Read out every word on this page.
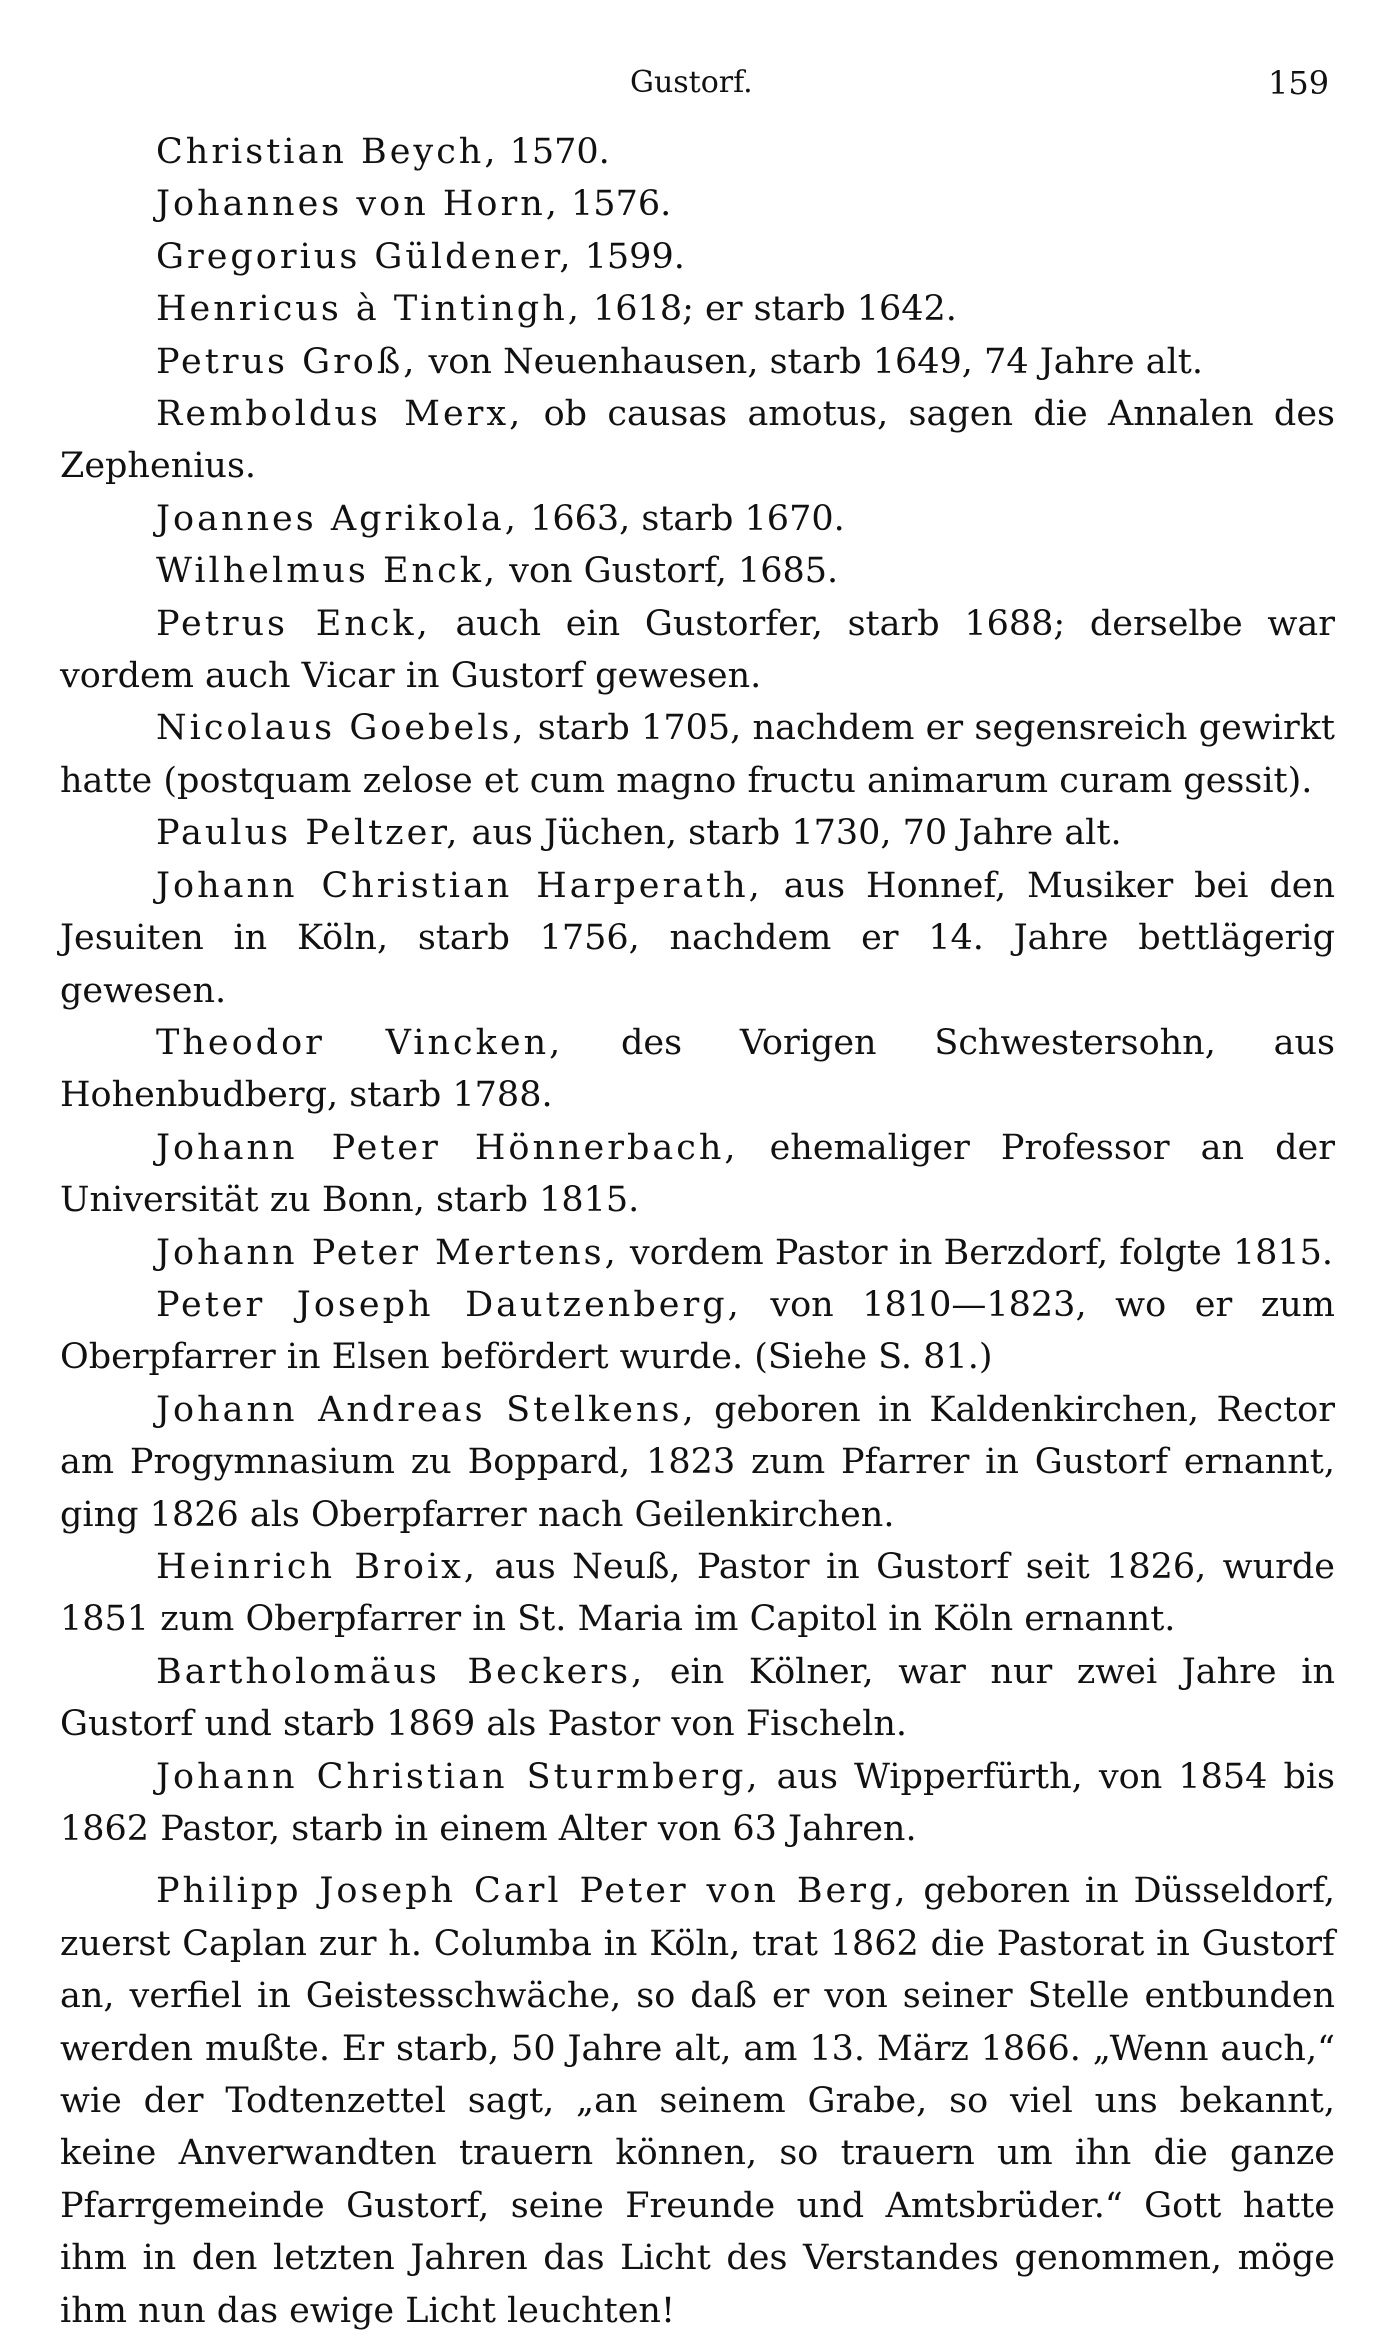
Gustorf.	159

Christian Beych, 1570.

Johannes von Horn, 1576.

Gregorius Güldener, 1599.

Henricus à Tintingh, 1618; er starb 1642.

Petrus Groß, von Neuenhausen, starb 1649, 74 Jahre alt.

Remboldus Merx, ob causas amotus, sagen die Annalen des Zephenius.

Joannes Agrikola, 1663, starb 1670.

Wilhelmus Enck, von Gustorf, 1685.

Petrus Enck, auch ein Gustorfer, starb 1688; derselbe war vordem auch Vicar in Gustorf gewesen.

Nicolaus Goebels, starb 1705, nachdem er segensreich gewirkt hatte (postquam zelose et cum magno fructu animarum curam gessit).

Paulus Peltzer, aus Jüchen, starb 1730, 70 Jahre alt.

Johann Christian Harperath, aus Honnef, Musiker bei den Jesuiten in Köln, starb 1756, nachdem er 14. Jahre bettlägerig gewesen.

Theodor Vincken, des Vorigen Schwestersohn, aus Hohenbudberg, starb 1788.

Johann Peter Hönnerbach, ehemaliger Professor an der Universität zu Bonn, starb 1815.

Johann Peter Mertens, vordem Pastor in Berzdorf, folgte 1815.

Peter Joseph Dautzenberg, von 1810—1823, wo er zum Oberpfarrer in Elsen befördert wurde. (Siehe S. 81.)

Johann Andreas Stelkens, geboren in Kaldenkirchen, Rector am Progymnasium zu Boppard, 1823 zum Pfarrer in Gustorf ernannt, ging 1826 als Oberpfarrer nach Geilenkirchen.

Heinrich Broix, aus Neuß, Pastor in Gustorf seit 1826, wurde 1851 zum Oberpfarrer in St. Maria im Capitol in Köln ernannt.

Bartholomäus Beckers, ein Kölner, war nur zwei Jahre in Gustorf und starb 1869 als Pastor von Fischeln.

Johann Christian Sturmberg, aus Wipperfürth, von 1854 bis 1862 Pastor, starb in einem Alter von 63 Jahren.

Philipp Joseph Carl Peter von Berg, geboren in Düsseldorf, zuerst Caplan zur h. Columba in Köln, trat 1862 die Pastorat in Gustorf an, verfiel in Geistesschwäche, so daß er von seiner Stelle entbunden werden mußte. Er starb, 50 Jahre alt, am 13. März 1866. „Wenn auch,“ wie der Todtenzettel sagt, „an seinem Grabe, so viel uns bekannt, keine Anverwandten trauern können, so trauern um ihn die ganze Pfarrgemeinde Gustorf, seine Freunde und Amtsbrüder.“ Gott hatte ihm in den letzten Jahren das Licht des Verstandes genommen, möge ihm nun das ewige Licht leuchten!
